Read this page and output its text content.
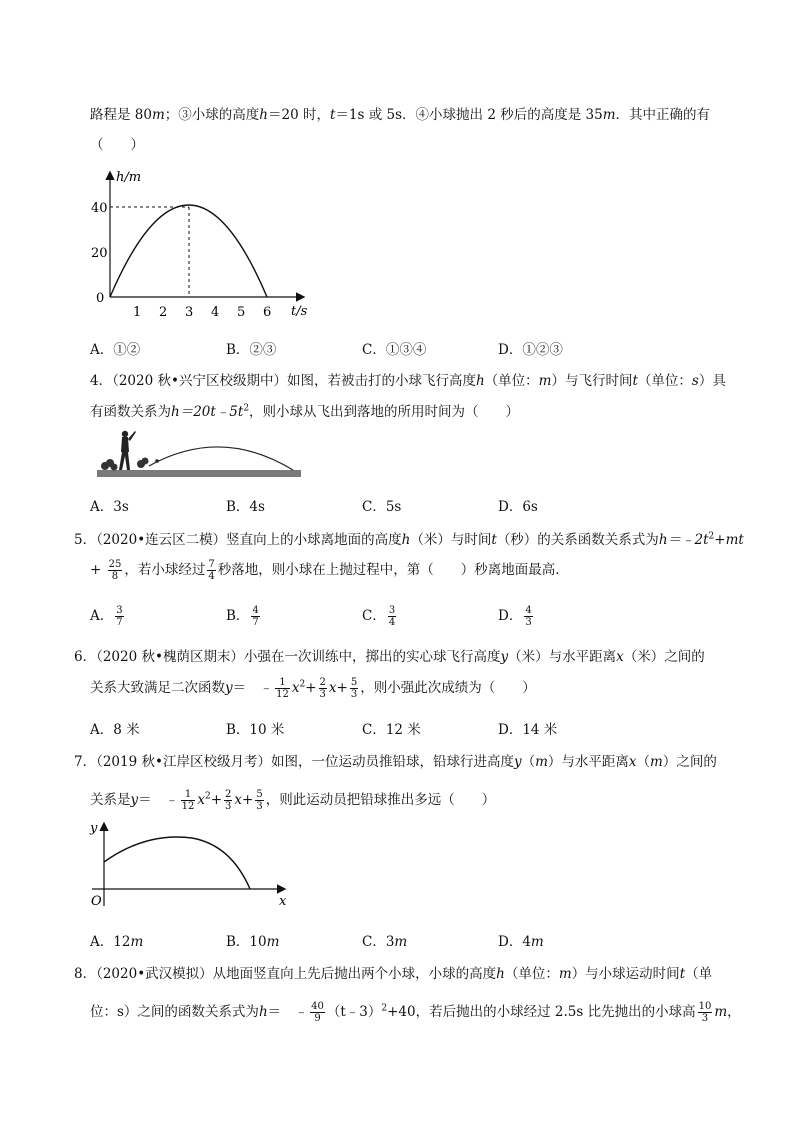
路程是 80m；③小球的高度h＝20 时，t＝1s 或 5s．④小球抛出 2 秒后的高度是 35m．其中正确的有
（　　）
h/m
t/s
0
20
40
1 2 3 4 5 6
A．①②	B．②③	C．①③④	D．①②③
4．（2020 秋•兴宁区校级期中）如图，若被击打的小球飞行高度h（单位：m）与飞行时间t（单位：s）具
有函数关系为$h=20t﹣5t^2$，则小球从飞出到落地的所用时间为（　　）
A．3s	B．4s	C．5s	D．6s
5．（2020•连云区二模）竖直向上的小球离地面的高度h（米）与时间t（秒）的关系函数关系式为$h=﹣2t^2+mt$
+ $\frac{25}{8}$ ，若小球经过 $\frac{7}{4}$ 秒落地，则小球在上抛过程中，第（　　）秒离地面最高．
A． $\frac{3}{7}$	B． $\frac{4}{7}$	C． $\frac{3}{4}$	D． $\frac{4}{3}$
6．（2020 秋•槐荫区期末）小强在一次训练中，掷出的实心球飞行高度y（米）与水平距离x（米）之间的
关系大致满足二次函数y＝　﹣ $\frac{1}{12} x^2+ \frac{2}{3} x+ \frac{5}{3}$ ，则小强此次成绩为（　　）
A．8 米	B．10 米	C．12 米	D．14 米
7．（2019 秋•江岸区校级月考）如图，一位运动员推铅球，铅球行进高度y（m）与水平距离x（m）之间的
关系是y＝　﹣ $\frac{1}{12} x^2+ \frac{2}{3} x+ \frac{5}{3}$ ，则此运动员把铅球推出多远（　　）
y
x
O
A．12m	B．10m	C．3m	D．4m
8．（2020•武汉模拟）从地面竖直向上先后抛出两个小球，小球的高度h（单位：m）与小球运动时间t（单
位：s）之间的函数关系式为h＝　﹣ $\frac{40}{9}$ （t﹣3）$^2$+40，若后抛出的小球经过 2.5s 比先抛出的小球高 $\frac{10}{3}$ m，
